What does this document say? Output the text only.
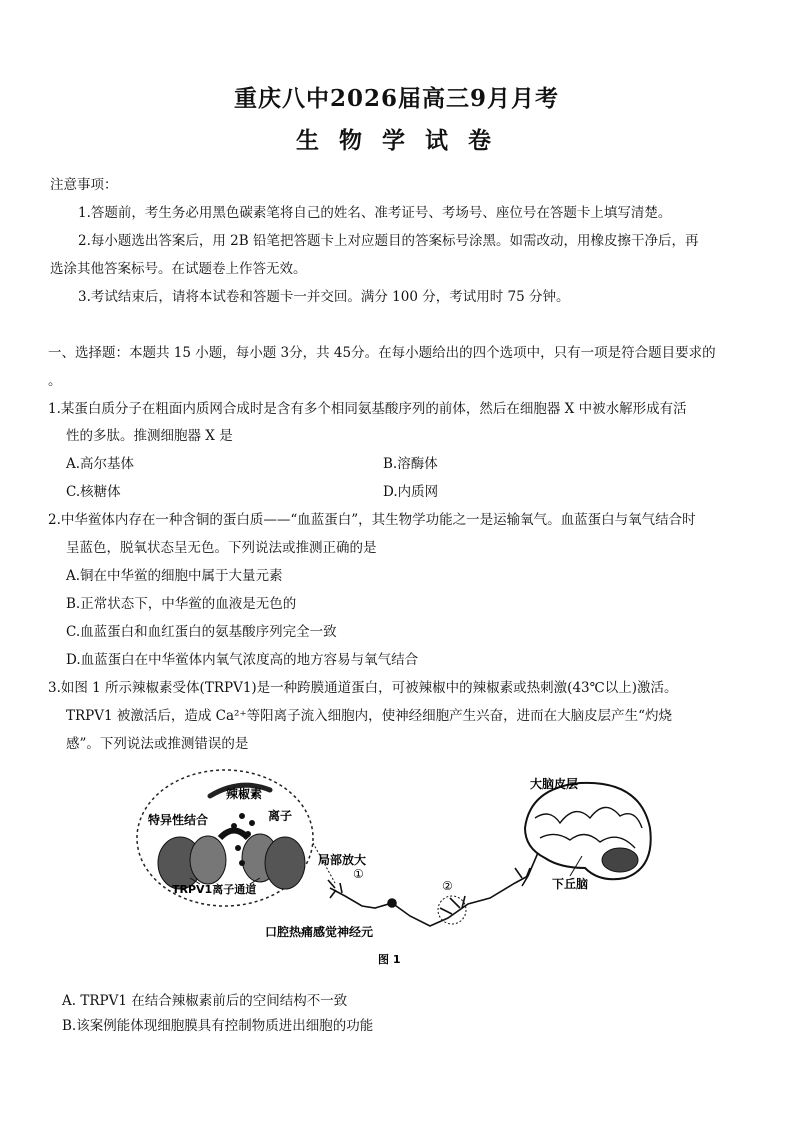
重庆八中2026届高三9月月考
生 物 学 试 卷
注意事项：
1.答题前，考生务必用黑色碳素笔将自己的姓名、准考证号、考场号、座位号在答题卡上填写清楚。
2.每小题选出答案后，用 2B 铅笔把答题卡上对应题目的答案标号涂黑。如需改动，用橡皮擦干净后，再
选涂其他答案标号。在试题卷上作答无效。
3.考试结束后，请将本试卷和答题卡一并交回。满分 100 分，考试用时 75 分钟。
一、选择题：本题共 15 小题，每小题 3分，共 45分。在每小题给出的四个选项中，只有一项是符合题目要求的
。
1.某蛋白质分子在粗面内质网合成时是含有多个相同氨基酸序列的前体，然后在细胞器 X 中被水解形成有活
性的多肽。推测细胞器 X 是
A.高尔基体	B.溶酶体
C.核糖体	D.内质网
2.中华鲎体内存在一种含铜的蛋白质——“血蓝蛋白”，其生物学功能之一是运输氧气。血蓝蛋白与氧气结合时
呈蓝色，脱氧状态呈无色。下列说法或推测正确的是
A.铜在中华鲎的细胞中属于大量元素
B.正常状态下，中华鲎的血液是无色的
C.血蓝蛋白和血红蛋白的氨基酸序列完全一致
D.血蓝蛋白在中华鲎体内氧气浓度高的地方容易与氧气结合
3.如图 1 所示辣椒素受体(TRPV1)是一种跨膜通道蛋白，可被辣椒中的辣椒素或热刺激(43℃以上)激活。
TRPV1 被激活后，造成 Ca²⁺等阳离子流入细胞内，使神经细胞产生兴奋，进而在大脑皮层产生“灼烧
感”。下列说法或推测错误的是
辣椒素
特异性结合	离子
TRPV1离子通道
局部放大
①
②
口腔热痛感觉神经元
大脑皮层
下丘脑
图 1
A. TRPV1 在结合辣椒素前后的空间结构不一致
B.该案例能体现细胞膜具有控制物质进出细胞的功能
